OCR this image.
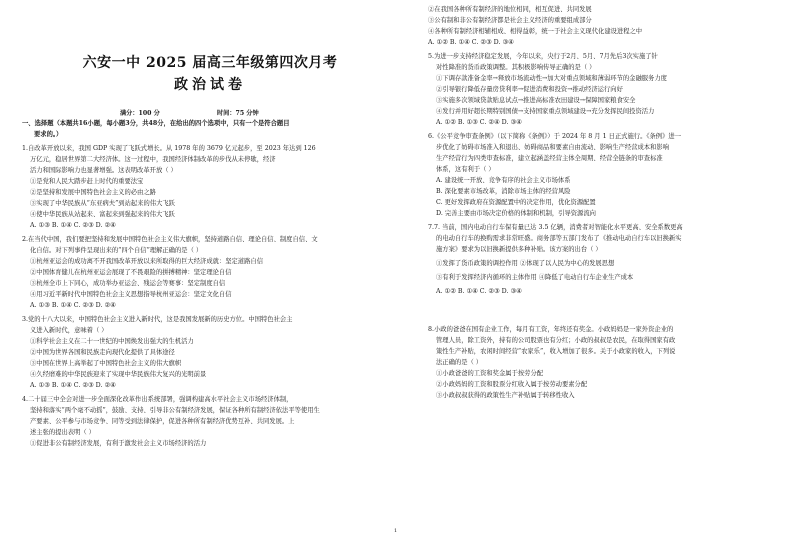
六安一中 2025 届高三年级第四次月考
政治试卷
满分：100 分	时间：75 分钟
一、选择题（本题共16小题，每小题3分，共48分，在给出的四个选项中，只有一个是符合题目
要求的。）
1.自改革开放以来，我国 GDP 实现了飞跃式增长。从 1978 年的 3679 亿元起步，至 2023 年达到 126
万亿元，稳居世界第二大经济体。这一过程中，我国经济体制改革的步伐从未停歇，经济
活力和国际影响力也显著增强。这表明改革开放（ ）
①是党和人民大踏步赶上时代的重要法宝
②是坚持和发展中国特色社会主义的必由之路
③实现了中华民族从“东亚病夫”到站起来的伟大飞跃
④使中华民族从站起来、富起来到强起来的伟大飞跃
A. ①③ B. ①④ C. ②③ D. ②④
2.在当代中国，我们要把坚持和发展中国特色社会主义伟大旗帜，坚持道路自信、理论自信、制度自信、文
化自信。对下列事件呈现出来的“四个自信”理解正确的是（ ）
①杭州亚运会的成功离不开我国改革开放以来所取得的巨大经济成就：坚定道路自信
②中国体育健儿在杭州亚运会展现了不畏艰险的拼搏精神：坚定理论自信
③杭州全市上下同心，成功举办亚运会、残运会等赛事：坚定制度自信
④用习近平新时代中国特色社会主义思想指导杭州亚运会：坚定文化自信
A. ①③ B. ①④ C. ②③ D. ②④
3.党的十八大以来，中国特色社会主义进入新时代，这是我国发展新的历史方位。中国特色社会主
义进入新时代，意味着（ ）
①科学社会主义在二十一世纪的中国焕发出强大的生机活力
②中国为世界各国和民族走向现代化提供了具体途径
③中国在世界上高举起了中国特色社会主义的伟大旗帜
④久经磨难的中华民族迎来了实现中华民族伟大复兴的光明前景
A. ①③ B. ①④ C. ②③ D. ②④
4.二十届三中全会对进一步全面深化改革作出系统部署，强调构建高水平社会主义市场经济体制，
坚持和落实“两个毫不动摇”，鼓励、支持、引导非公有制经济发展，保证各种所有制经济依法平等使用生
产要素、公平参与市场竞争、同等受到法律保护，促进各种所有制经济优势互补、共同发展。上
述主张的提出表明（ ）
①促进非公有制经济发展，有利于激发社会主义市场经济的活力
②在我国各种所有制经济的地位相同，相互促进、共同发展
③公有制和非公有制经济都是社会主义经济的重要组成部分
④各种所有制经济相辅相成、相得益彰，统一于社会主义现代化建设进程之中
A. ①② B. ①④ C. ②③ D. ③④
5.为进一步支持经济稳定发展，今年以来，央行于2月、5月、7月先后3次实施了针
对性降准的货币政策调整。其积极影响传导正确的是（ ）
①下调存款准备金率→释放市场流动性→加大对重点领域和薄弱环节的金融服务力度
②引导银行降低存量房贷利率→促进消费和投资→推动经济运行向好
③实施多次领域贷款贴息试点→推进高标准农田建设→保障国家粮食安全
④发行并用好超长期特别国债→支持国家重点领域建设→充分发挥民间投资活力
A. ①② B. ①③ C. ②④ D. ③④
6.《公平竞争审查条例》（以下简称《条例》）于 2024 年 8 月 1 日正式施行。《条例》进一
步优化了妨碍市场准入和退出、妨碍商品和要素自由流动、影响生产经营成本和影响
生产经营行为四类审查标准，建立起涵盖经营主体全周期、经营全链条的审查标准
体系，这有利于（ ）
A. 建设统一开放、竞争有序的社会主义市场体系
B. 深化要素市场改革，消除市场主体的经营风险
C. 更好发挥政府在资源配置中的决定作用，优化资源配置
D. 完善主要由市场决定价格的体制和机制，引导资源流向
7.7. 当前，国内电动自行车保有量已达 3.5 亿辆，消费者对智能化水平更高、安全系数更高
的电动自行车的换购需求非常旺盛。商务部等五部门发布了《推动电动自行车以旧换新实
施方案》要求为以旧换新提供多种补贴。该方案的出台（ ）
①发挥了货币政策的调控作用 ②体现了以人民为中心的发展思想
③有利于发挥经济内循环的主体作用 ④降低了电动自行车企业生产成本
A. ①② B. ①④ C. ②③ D. ③④
8.小政的爸爸在国有企业工作，每月有工资，年终还有奖金。小政妈妈是一家外资企业的
管理人员，除工资外，持有的公司股票也有分红；小政的叔叔是农民，在取得国家有政
策性生产补贴，农闲时间经营“农家乐”，收入增加了很多。关于小政家的收入，下列说
法正确的是（ ）
①小政爸爸的工资和奖金属于按劳分配
②小政妈妈的工资和股票分红收入属于按劳动要素分配
③小政叔叔获得的政策性生产补贴属于转移性收入
1
